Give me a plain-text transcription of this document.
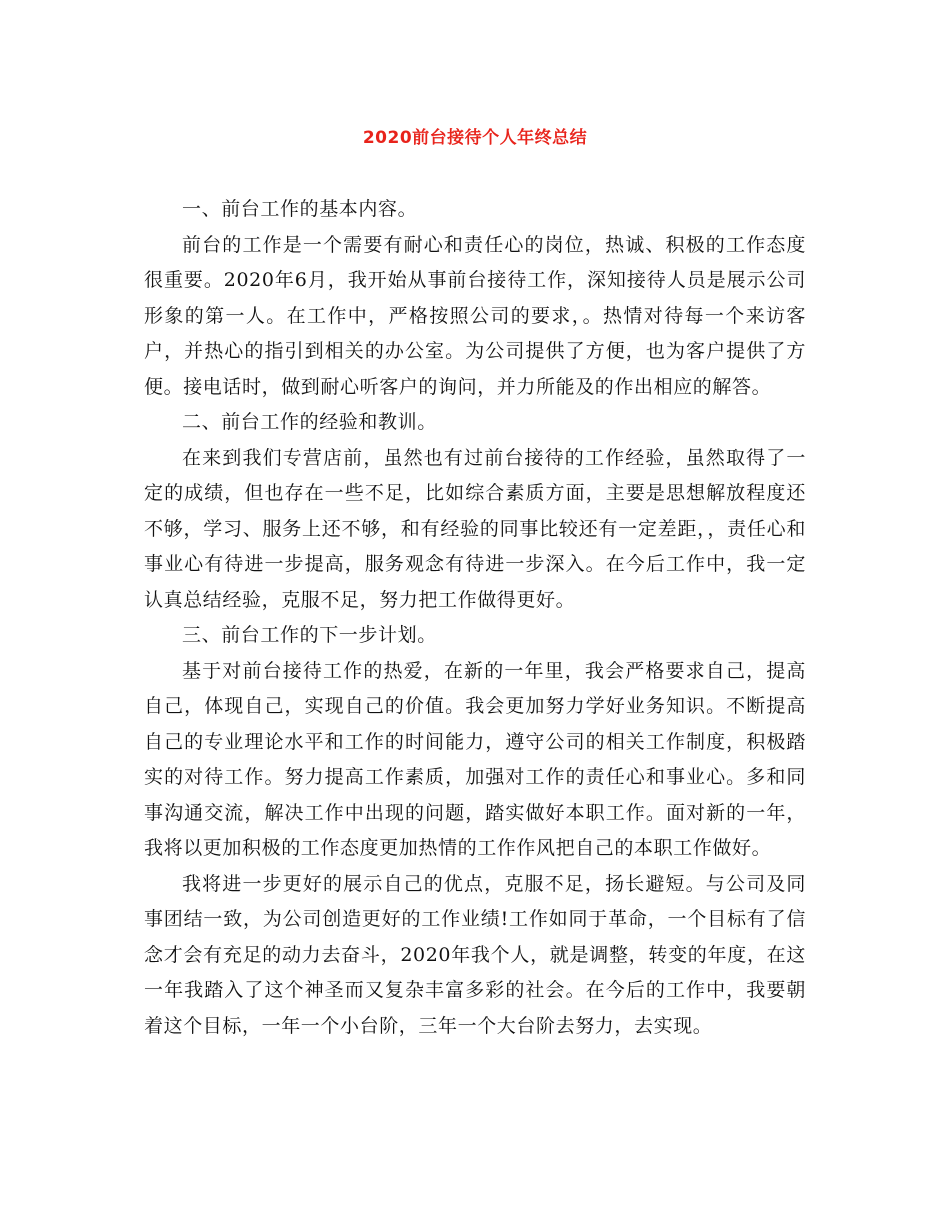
2020前台接待个人年终总结

一、前台工作的基本内容。

前台的工作是一个需要有耐心和责任心的岗位，热诚、积极的工作态度很重要。2020年6月，我开始从事前台接待工作，深知接待人员是展示公司形象的第一人。在工作中，严格按照公司的要求，。热情对待每一个来访客户，并热心的指引到相关的办公室。为公司提供了方便，也为客户提供了方便。接电话时，做到耐心听客户的询问，并力所能及的作出相应的解答。

二、前台工作的经验和教训。

在来到我们专营店前，虽然也有过前台接待的工作经验，虽然取得了一定的成绩，但也存在一些不足，比如综合素质方面，主要是思想解放程度还不够，学习、服务上还不够，和有经验的同事比较还有一定差距，，责任心和事业心有待进一步提高，服务观念有待进一步深入。在今后工作中，我一定认真总结经验，克服不足，努力把工作做得更好。

三、前台工作的下一步计划。

基于对前台接待工作的热爱，在新的一年里，我会严格要求自己，提高自己，体现自己，实现自己的价值。我会更加努力学好业务知识。不断提高自己的专业理论水平和工作的时间能力，遵守公司的相关工作制度，积极踏实的对待工作。努力提高工作素质，加强对工作的责任心和事业心。多和同事沟通交流，解决工作中出现的问题，踏实做好本职工作。面对新的一年，我将以更加积极的工作态度更加热情的工作作风把自己的本职工作做好。

我将进一步更好的展示自己的优点，克服不足，扬长避短。与公司及同事团结一致，为公司创造更好的工作业绩!工作如同于革命，一个目标有了信念才会有充足的动力去奋斗，2020年我个人，就是调整，转变的年度，在这一年我踏入了这个神圣而又复杂丰富多彩的社会。在今后的工作中，我要朝着这个目标，一年一个小台阶，三年一个大台阶去努力，去实现。
